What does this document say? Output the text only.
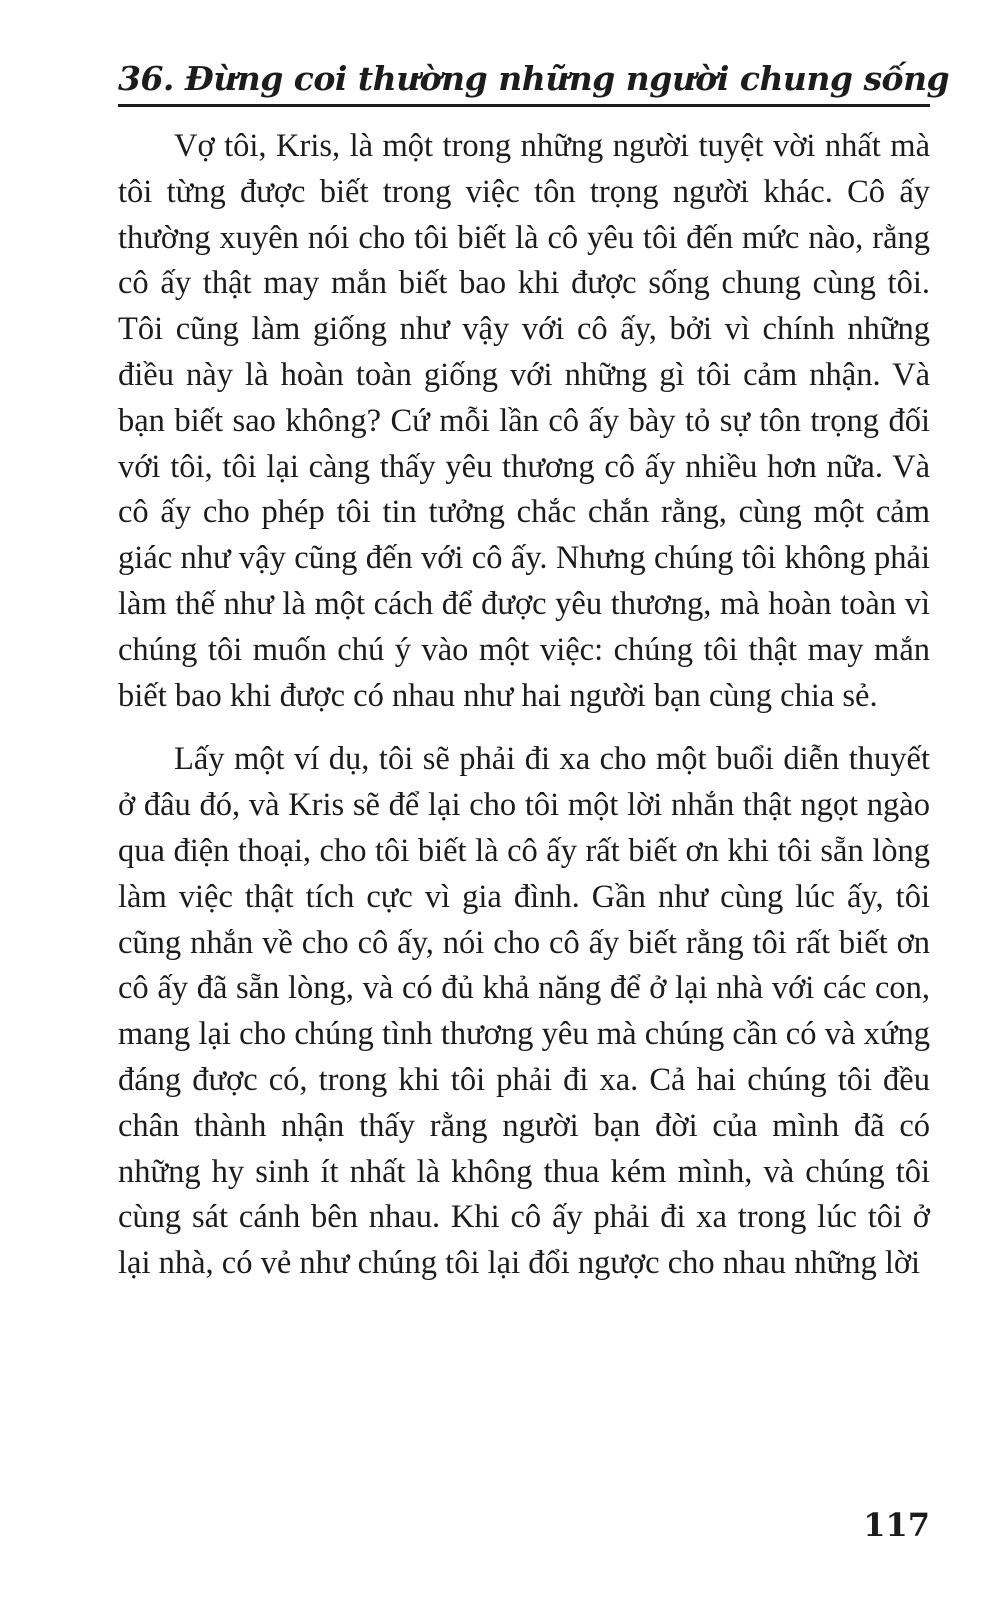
36. Đừng coi thường những người chung sống

Vợ tôi, Kris, là một trong những người tuyệt vời nhất mà tôi từng được biết trong việc tôn trọng người khác. Cô ấy thường xuyên nói cho tôi biết là cô yêu tôi đến mức nào, rằng cô ấy thật may mắn biết bao khi được sống chung cùng tôi. Tôi cũng làm giống như vậy với cô ấy, bởi vì chính những điều này là hoàn toàn giống với những gì tôi cảm nhận. Và bạn biết sao không? Cứ mỗi lần cô ấy bày tỏ sự tôn trọng đối với tôi, tôi lại càng thấy yêu thương cô ấy nhiều hơn nữa. Và cô ấy cho phép tôi tin tưởng chắc chắn rằng, cùng một cảm giác như vậy cũng đến với cô ấy. Nhưng chúng tôi không phải làm thế như là một cách để được yêu thương, mà hoàn toàn vì chúng tôi muốn chú ý vào một việc: chúng tôi thật may mắn biết bao khi được có nhau như hai người bạn cùng chia sẻ.

Lấy một ví dụ, tôi sẽ phải đi xa cho một buổi diễn thuyết ở đâu đó, và Kris sẽ để lại cho tôi một lời nhắn thật ngọt ngào qua điện thoại, cho tôi biết là cô ấy rất biết ơn khi tôi sẵn lòng làm việc thật tích cực vì gia đình. Gần như cùng lúc ấy, tôi cũng nhắn về cho cô ấy, nói cho cô ấy biết rằng tôi rất biết ơn cô ấy đã sẵn lòng, và có đủ khả năng để ở lại nhà với các con, mang lại cho chúng tình thương yêu mà chúng cần có và xứng đáng được có, trong khi tôi phải đi xa. Cả hai chúng tôi đều chân thành nhận thấy rằng người bạn đời của mình đã có những hy sinh ít nhất là không thua kém mình, và chúng tôi cùng sát cánh bên nhau. Khi cô ấy phải đi xa trong lúc tôi ở lại nhà, có vẻ như chúng tôi lại đổi ngược cho nhau những lời

117
